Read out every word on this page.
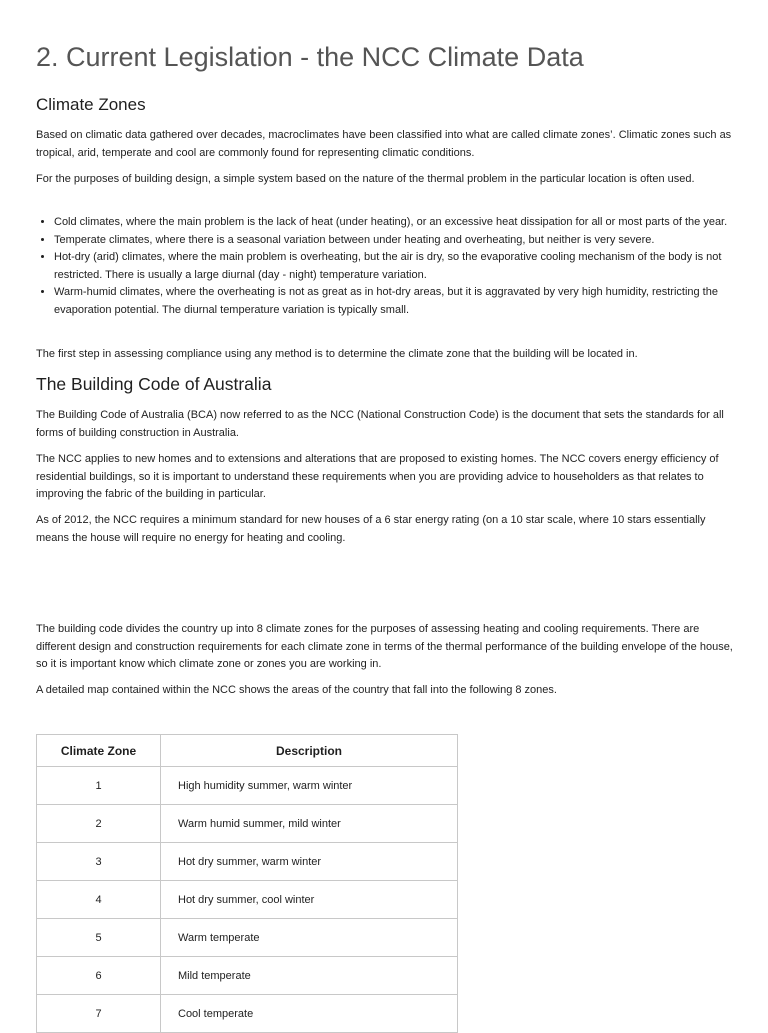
2. Current Legislation - the NCC Climate Data
Climate Zones

Based on climatic data gathered over decades, macroclimates have been classified into what are called climate zones’. Climatic zones such as tropical, arid, temperate and cool are commonly found for representing climatic conditions.

For the purposes of building design, a simple system based on the nature of the thermal problem in the particular location is often used.

• Cold climates, where the main problem is the lack of heat (under heating), or an excessive heat dissipation for all or most parts of the year.
• Temperate climates, where there is a seasonal variation between under heating and overheating, but neither is very severe.
• Hot-dry (arid) climates, where the main problem is overheating, but the air is dry, so the evaporative cooling mechanism of the body is not restricted. There is usually a large diurnal (day - night) temperature variation.
• Warm-humid climates, where the overheating is not as great as in hot-dry areas, but it is aggravated by very high humidity, restricting the evaporation potential. The diurnal temperature variation is typically small.

The first step in assessing compliance using any method is to determine the climate zone that the building will be located in.

The Building Code of Australia

The Building Code of Australia (BCA) now referred to as the NCC (National Construction Code) is the document that sets the standards for all forms of building construction in Australia.

The NCC applies to new homes and to extensions and alterations that are proposed to existing homes. The NCC covers energy efficiency of residential buildings, so it is important to understand these requirements when you are providing advice to householders as that relates to improving the fabric of the building in particular.

As of 2012, the NCC requires a minimum standard for new houses of a 6 star energy rating (on a 10 star scale, where 10 stars essentially means the house will require no energy for heating and cooling.

The building code divides the country up into 8 climate zones for the purposes of assessing heating and cooling requirements. There are different design and construction requirements for each climate zone in terms of the thermal performance of the building envelope of the house, so it is important know which climate zone or zones you are working in.

A detailed map contained within the NCC shows the areas of the country that fall into the following 8 zones.

Climate Zone	Description
1	High humidity summer, warm winter
2	Warm humid summer, mild winter
3	Hot dry summer, warm winter
4	Hot dry summer, cool winter
5	Warm temperate
6	Mild temperate
7	Cool temperate
